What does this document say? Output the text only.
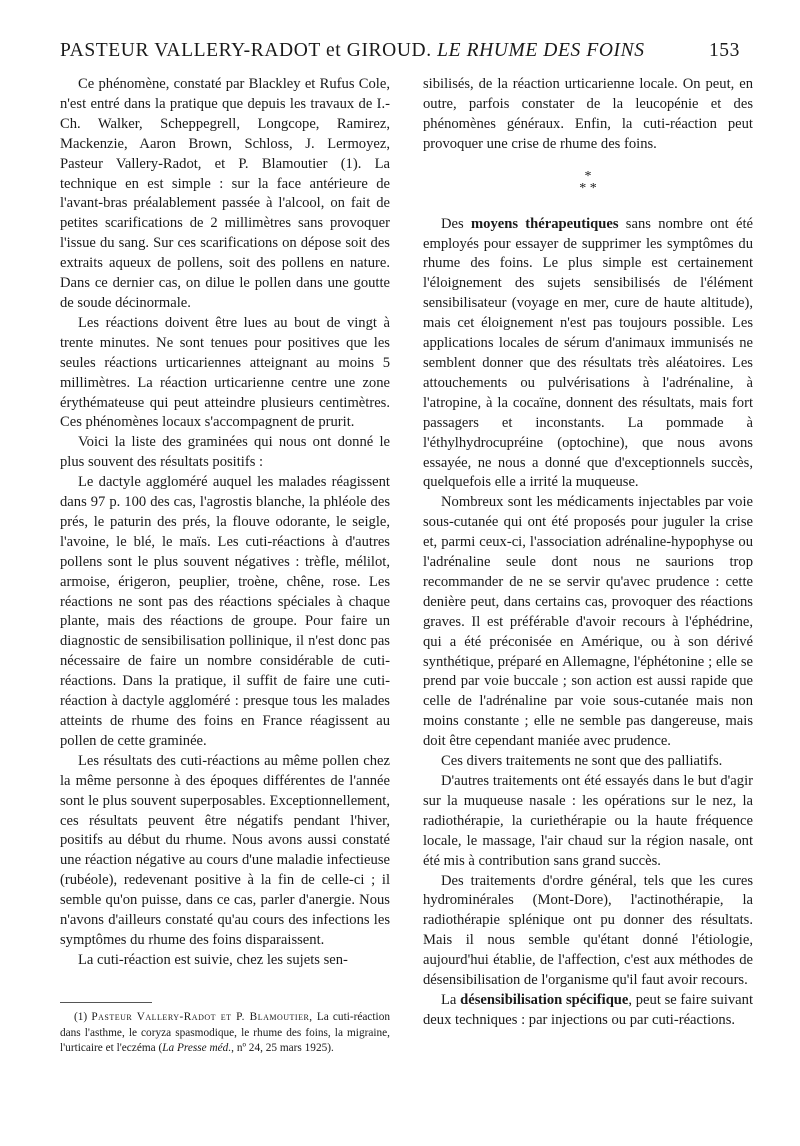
PASTEUR VALLERY-RADOT et GIROUD. LE RHUME DES FOINS	153

Ce phénomène, constaté par Blackley et Rufus Cole, n'est entré dans la pratique que depuis les travaux de I.-Ch. Walker, Scheppegrell, Longcope, Ramirez, Mackenzie, Aaron Brown, Schloss, J. Lermoyez, Pasteur Vallery-Radot, et P. Blamoutier (1). La technique en est simple : sur la face antérieure de l'avant-bras préalablement passée à l'alcool, on fait de petites scarifications de 2 millimètres sans provoquer l'issue du sang. Sur ces scarifications on dépose soit des extraits aqueux de pollens, soit des pollens en nature. Dans ce dernier cas, on dilue le pollen dans une goutte de soude décinormale.

Les réactions doivent être lues au bout de vingt à trente minutes. Ne sont tenues pour positives que les seules réactions urticariennes atteignant au moins 5 millimètres. La réaction urticarienne centre une zone érythémateuse qui peut atteindre plusieurs centimètres. Ces phénomènes locaux s'accompagnent de prurit.

Voici la liste des graminées qui nous ont donné le plus souvent des résultats positifs :

Le dactyle aggloméré auquel les malades réagissent dans 97 p. 100 des cas, l'agrostis blanche, la phléole des prés, le paturin des prés, la flouve odorante, le seigle, l'avoine, le blé, le maïs. Les cuti-réactions à d'autres pollens sont le plus souvent négatives : trèfle, mélilot, armoise, érigeron, peuplier, troène, chêne, rose. Les réactions ne sont pas des réactions spéciales à chaque plante, mais des réactions de groupe. Pour faire un diagnostic de sensibilisation pollinique, il n'est donc pas nécessaire de faire un nombre considérable de cuti-réactions. Dans la pratique, il suffit de faire une cuti-réaction à dactyle aggloméré : presque tous les malades atteints de rhume des foins en France réagissent au pollen de cette graminée.

Les résultats des cuti-réactions au même pollen chez la même personne à des époques différentes de l'année sont le plus souvent superposables. Exceptionnellement, ces résultats peuvent être négatifs pendant l'hiver, positifs au début du rhume. Nous avons aussi constaté une réaction négative au cours d'une maladie infectieuse (rubéole), redevenant positive à la fin de celle-ci ; il semble qu'on puisse, dans ce cas, parler d'anergie. Nous n'avons d'ailleurs constaté qu'au cours des infections les symptômes du rhume des foins disparaissent.

La cuti-réaction est suivie, chez les sujets sen-

sibilisés, de la réaction urticarienne locale. On peut, en outre, parfois constater de la leucopénie et des phénomènes généraux. Enfin, la cuti-réaction peut provoquer une crise de rhume des foins.

*
* *

Des moyens thérapeutiques sans nombre ont été employés pour essayer de supprimer les symptômes du rhume des foins. Le plus simple est certainement l'éloignement des sujets sensibilisés de l'élément sensibilisateur (voyage en mer, cure de haute altitude), mais cet éloignement n'est pas toujours possible. Les applications locales de sérum d'animaux immunisés ne semblent donner que des résultats très aléatoires. Les attouchements ou pulvérisations à l'adrénaline, à l'atropine, à la cocaïne, donnent des résultats, mais fort passagers et inconstants. La pommade à l'éthylhydrocupréine (optochine), que nous avons essayée, ne nous a donné que d'exceptionnels succès, quelquefois elle a irrité la muqueuse.

Nombreux sont les médicaments injectables par voie sous-cutanée qui ont été proposés pour juguler la crise et, parmi ceux-ci, l'association adrénaline-hypophyse ou l'adrénaline seule dont nous ne saurions trop recommander de ne se servir qu'avec prudence : cette denière peut, dans certains cas, provoquer des réactions graves. Il est préférable d'avoir recours à l'éphédrine, qui a été préconisée en Amérique, ou à son dérivé synthétique, préparé en Allemagne, l'éphétonine ; elle se prend par voie buccale ; son action est aussi rapide que celle de l'adrénaline par voie sous-cutanée mais non moins constante ; elle ne semble pas dangereuse, mais doit être cependant maniée avec prudence.

Ces divers traitements ne sont que des palliatifs.

D'autres traitements ont été essayés dans le but d'agir sur la muqueuse nasale : les opérations sur le nez, la radiothérapie, la curiethérapie ou la haute fréquence locale, le massage, l'air chaud sur la région nasale, ont été mis à contribution sans grand succès.

Des traitements d'ordre général, tels que les cures hydrominérales (Mont-Dore), l'actinothérapie, la radiothérapie splénique ont pu donner des résultats. Mais il nous semble qu'étant donné l'étiologie, aujourd'hui établie, de l'affection, c'est aux méthodes de désensibilisation de l'organisme qu'il faut avoir recours.

La désensibilisation spécifique, peut se faire suivant deux techniques : par injections ou par cuti-réactions.

(1) Pasteur Vallery-Radot et P. Blamoutier, La cuti-réaction dans l'asthme, le coryza spasmodique, le rhume des foins, la migraine, l'urticaire et l'eczéma (La Presse méd., nº 24, 25 mars 1925).
